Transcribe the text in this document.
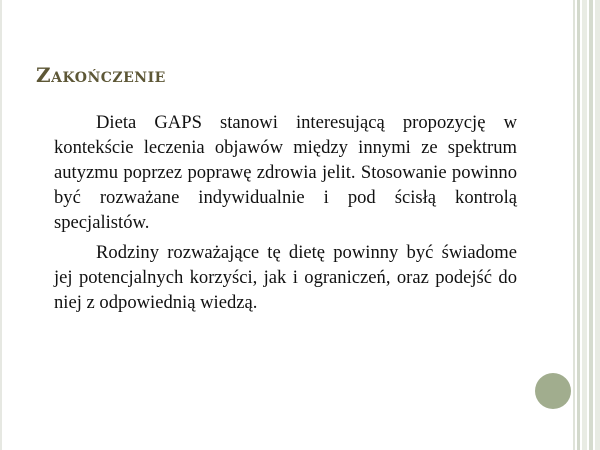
Zakończenie

Dieta GAPS stanowi interesującą propozycję w kontekście leczenia objawów między innymi ze spektrum autyzmu poprzez poprawę zdrowia jelit. Stosowanie powinno być rozważane indywidualnie i pod ścisłą kontrolą specjalistów.

Rodziny rozważające tę dietę powinny być świadome jej potencjalnych korzyści, jak i ograniczeń, oraz podejść do niej z odpowiednią wiedzą.
